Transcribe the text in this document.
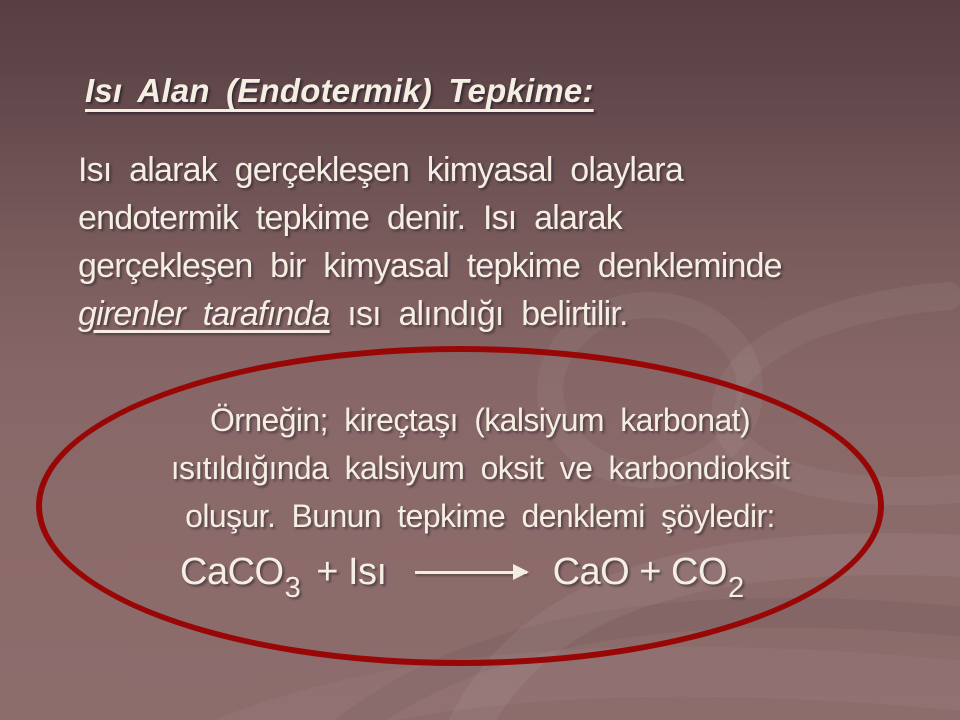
Isı Alan (Endotermik) Tepkime:
Isı alarak gerçekleşen kimyasal olaylara
endotermik tepkime denir. Isı alarak
gerçekleşen bir kimyasal tepkime denkleminde
girenler tarafında ısı alındığı belirtilir.
Örneğin; kireçtaşı (kalsiyum karbonat)
ısıtıldığında kalsiyum oksit ve karbondioksit
oluşur. Bunun tepkime denklemi şöyledir:
CaCO$_3$ + Isı	CaO + $CO_2$
